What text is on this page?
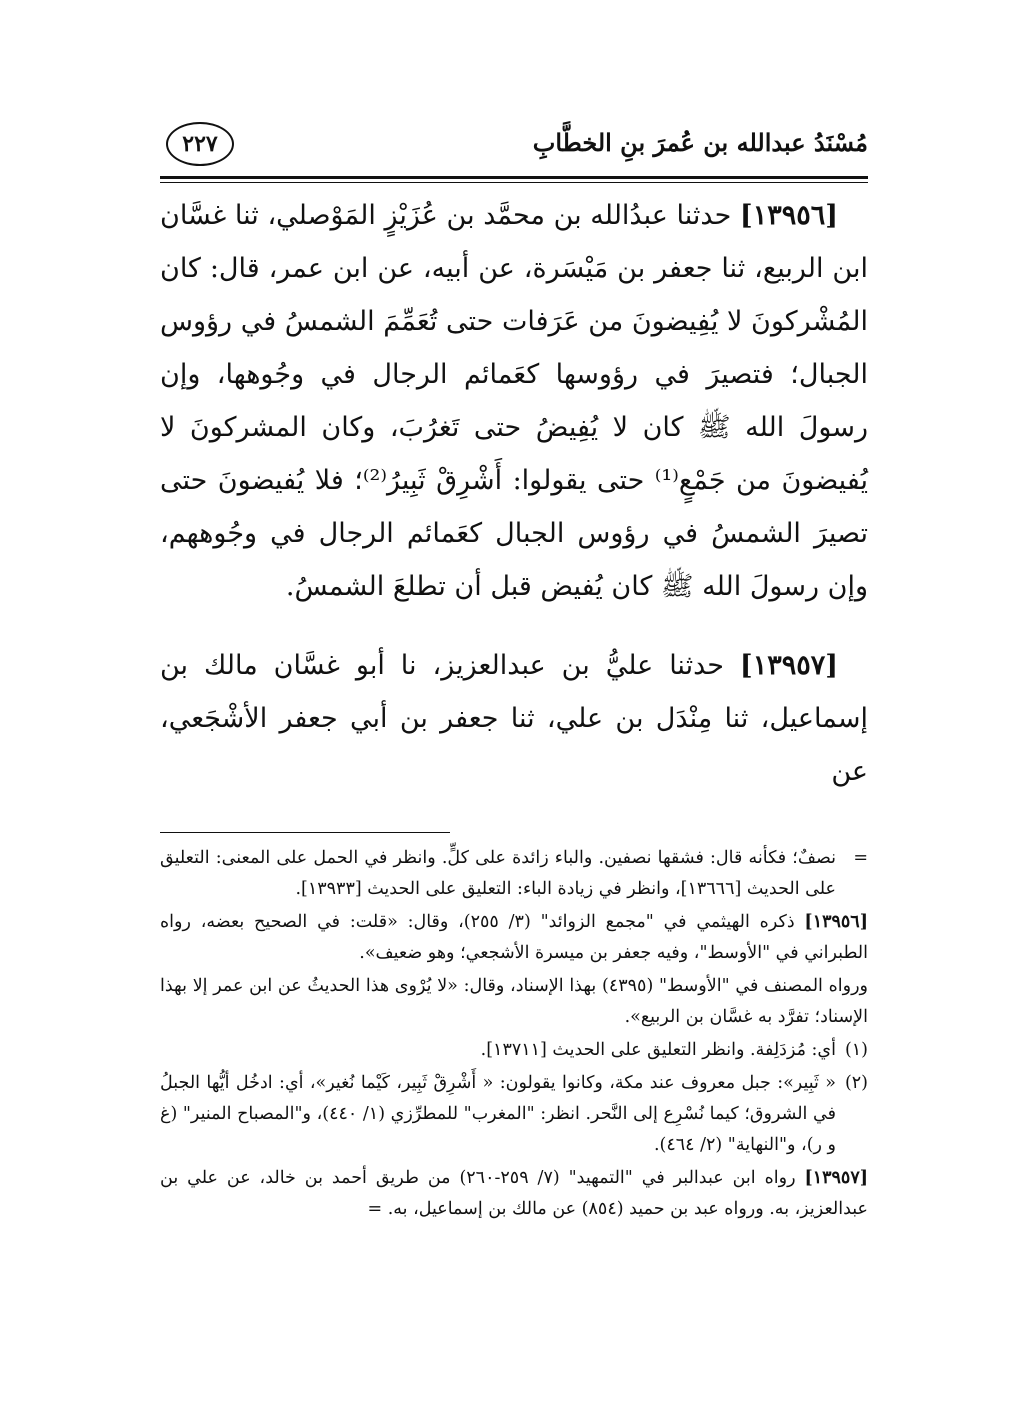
مُسْنَدُ عبدالله بن عُمرَ بنِ الخطَّابِ
٢٢٧

[١٣٩٥٦] حدثنا عبدُالله بن محمَّد بن عُزَيْزٍ المَوْصلي، ثنا غسَّان ابن الربيع، ثنا جعفر بن مَيْسَرة، عن أبيه، عن ابن عمر، قال: كان المُشْركونَ لا يُفِيضونَ من عَرَفات حتى تُعَمِّمَ الشمسُ في رؤوس الجبال؛ فتصيرَ في رؤوسها كعَمائم الرجال في وجُوهها، وإن رسولَ الله ﷺ كان لا يُفِيضُ حتى تَغرُبَ، وكان المشركونَ لا يُفيضونَ من جَمْعٍ⁽¹⁾ حتى يقولوا: أَشْرِقْ ثَبِيرُ⁽²⁾؛ فلا يُفيضونَ حتى تصيرَ الشمسُ في رؤوس الجبال كعَمائم الرجال في وجُوههم، وإن رسولَ الله ﷺ كان يُفيض قبل أن تطلعَ الشمسُ.

[١٣٩٥٧] حدثنا عليُّ بن عبدالعزيز، نا أبو غسَّان مالك بن إسماعيل، ثنا مِنْدَل بن علي، ثنا جعفر بن أبي جعفر الأشْجَعي، عن

=
نصفٌ؛ فكأنه قال: فشقها نصفين. والباء زائدة على كلٍّ. وانظر في الحمل على المعنى: التعليق على الحديث [١٣٦٦٦]، وانظر في زيادة الباء: التعليق على الحديث [١٣٩٣٣].

[١٣٩٥٦] ذكره الهيثمي في "مجمع الزوائد" (٣/ ٢٥٥)، وقال: «قلت: في الصحيح بعضه، رواه الطبراني في "الأوسط"، وفيه جعفر بن ميسرة الأشجعي؛ وهو ضعيف».

ورواه المصنف في "الأوسط" (٤٣٩٥) بهذا الإسناد، وقال: «لا يُرْوى هذا الحديثُ عن ابن عمر إلا بهذا الإسناد؛ تفرَّد به غسَّان بن الربيع».

(١)
أي: مُزدَلِفة. وانظر التعليق على الحديث [١٣٧١١].
(٢)
« ثَبِير»: جبل معروف عند مكة، وكانوا يقولون: « أَشْرِقْ ثَبِير، كَيْما نُغير»، أي: ادخُل أيُّها الجبلُ في الشروق؛ كيما نُسْرِع إلى النَّحر. انظر: "المغرب" للمطرِّزي (١/ ٤٤٠)، و"المصباح المنير" (غ و ر)، و"النهاية" (٢/ ٤٦٤).

[١٣٩٥٧] رواه ابن عبدالبر في "التمهيد" (٧/ ٢٥٩-٢٦٠) من طريق أحمد بن خالد، عن علي بن عبدالعزيز، به. ورواه عبد بن حميد (٨٥٤) عن مالك بن إسماعيل، به. =
